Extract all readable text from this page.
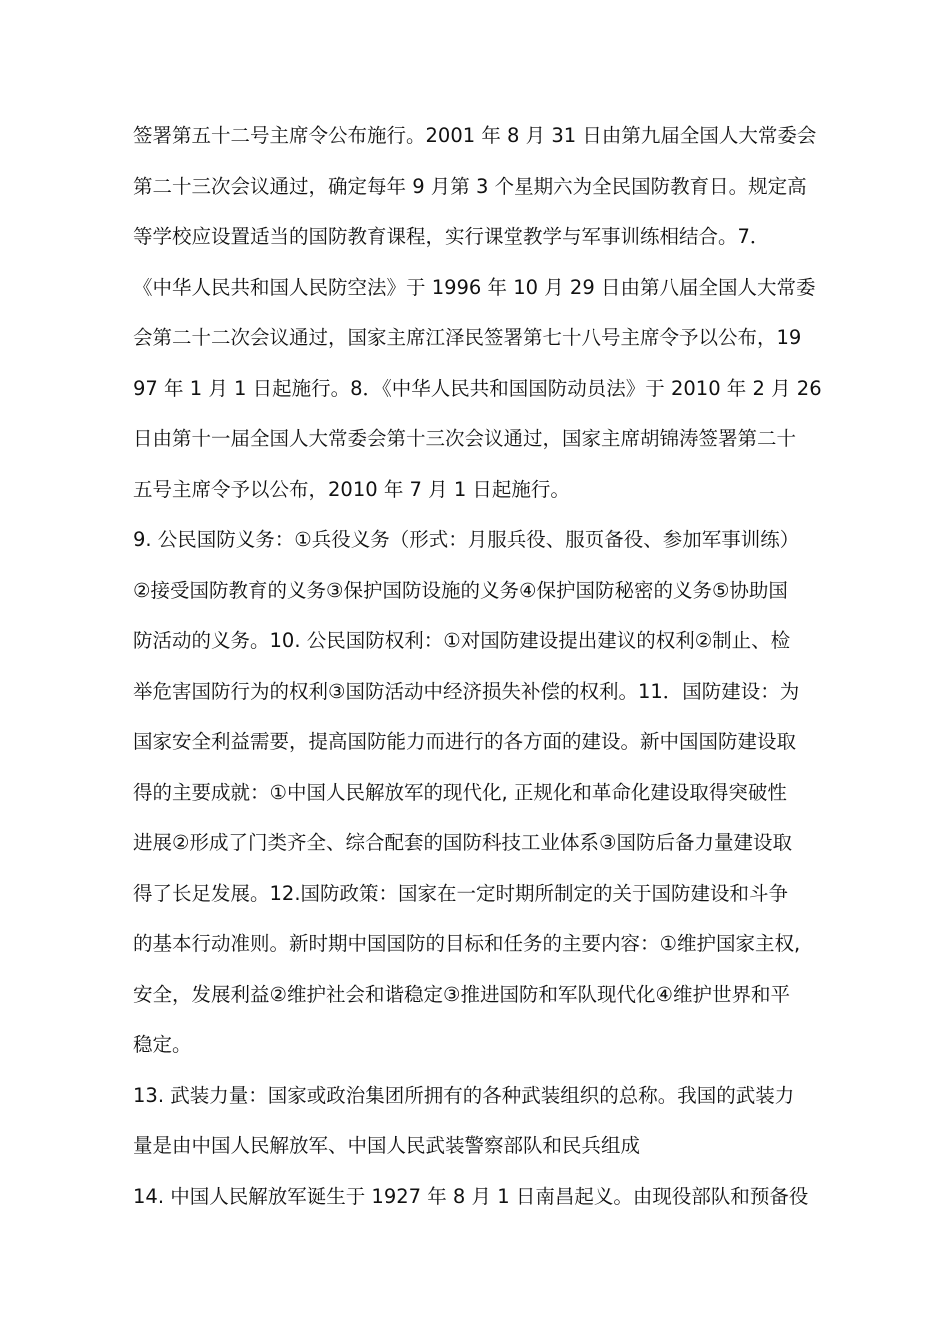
签署第五十二号主席令公布施行。2001 年 8 月 31 日由第九届全国人大常委会
第二十三次会议通过，确定每年 9 月第 3 个星期六为全民国防教育日。规定高
等学校应设置适当的国防教育课程，实行课堂教学与军事训练相结合。7．
《中华人民共和国人民防空法》于 1996 年 10 月 29 日由第八届全国人大常委
会第二十二次会议通过，国家主席江泽民签署第七十八号主席令予以公布，19
97 年 1 月 1 日起施行。8．《中华人民共和国国防动员法》于 2010 年 2 月 26
日由第十一届全国人大常委会第十三次会议通过，国家主席胡锦涛签署第二十
五号主席令予以公布，2010 年 7 月 1 日起施行。
9. 公民国防义务：①兵役义务（形式：月服兵役、服页备役、参加军事训练）
②接受国防教育的义务③保护国防设施的义务④保护国防秘密的义务⑤协助国
防活动的义务。10. 公民国防权利：①对国防建设提出建议的权利②制止、检
举危害国防行为的权利③国防活动中经济损失补偿的权利。11．国防建设：为
国家安全利益需要，提高国防能力而进行的各方面的建设。新中国国防建设取
得的主要成就：①中国人民解放军的现代化, 正规化和革命化建设取得突破性
进展②形成了门类齐全、综合配套的国防科技工业体系③国防后备力量建设取
得了长足发展。12.国防政策：国家在一定时期所制定的关于国防建设和斗争
的基本行动准则。新时期中国国防的目标和任务的主要内容：①维护国家主权,
安全，发展利益②维护社会和谐稳定③推进国防和军队现代化④维护世界和平
稳定。
13. 武装力量：国家或政治集团所拥有的各种武装组织的总称。我国的武装力
量是由中国人民解放军、中国人民武装警察部队和民兵组成
14. 中国人民解放军诞生于 1927 年 8 月 1 日南昌起义。由现役部队和预备役
